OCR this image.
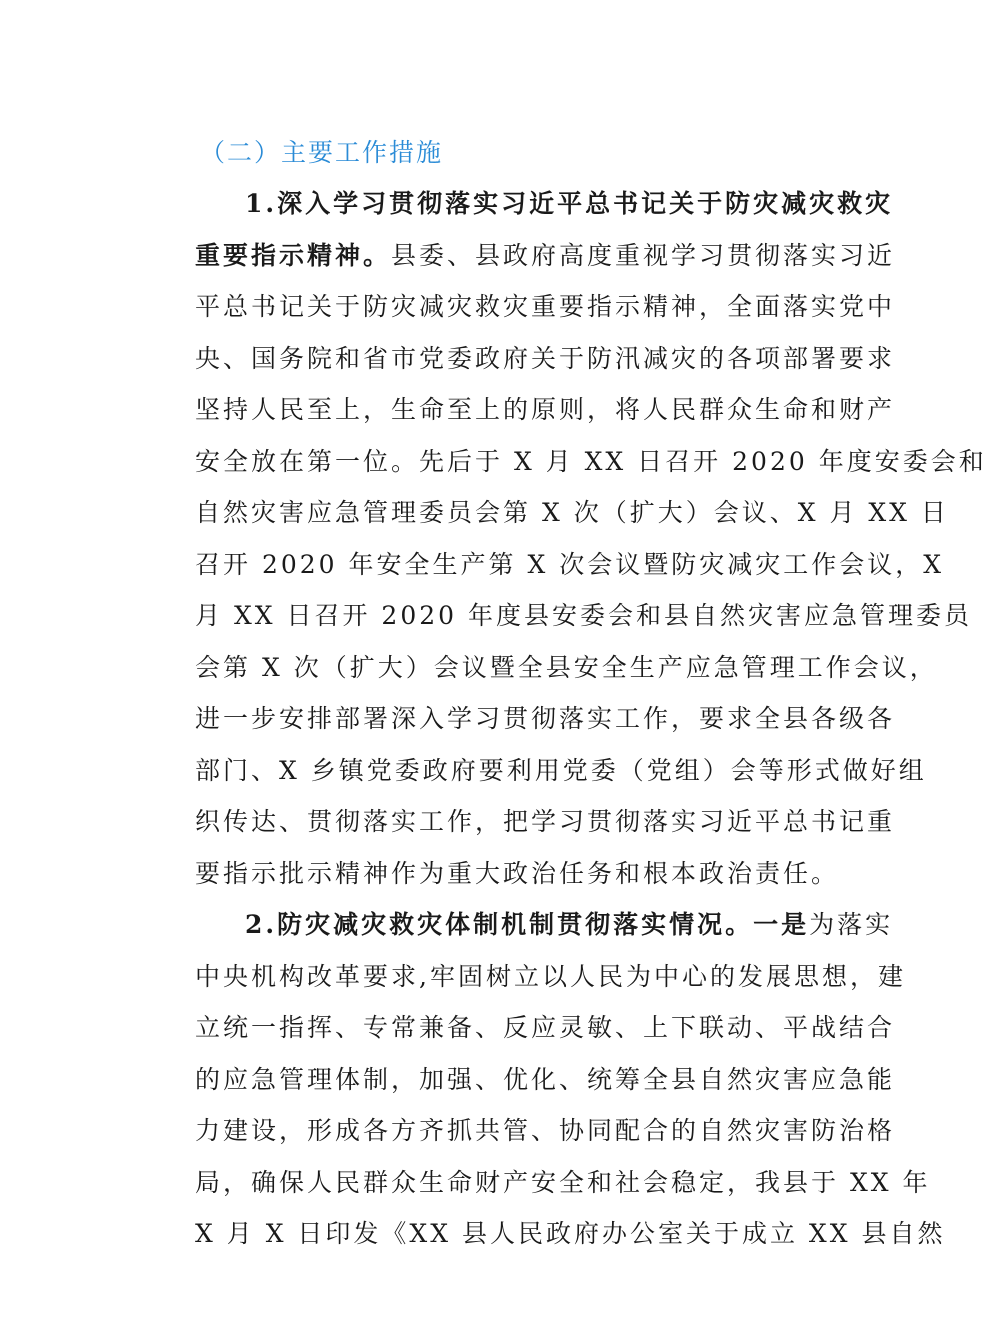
（二）主要工作措施

1.深入学习贯彻落实习近平总书记关于防灾减灾救灾
重要指示精神。县委、县政府高度重视学习贯彻落实习近
平总书记关于防灾减灾救灾重要指示精神，全面落实党中
央、国务院和省市党委政府关于防汛减灾的各项部署要求
坚持人民至上，生命至上的原则，将人民群众生命和财产
安全放在第一位。先后于 X 月 XX 日召开 2020 年度安委会和
自然灾害应急管理委员会第 X 次（扩大）会议、X 月 XX 日
召开 2020 年安全生产第 X 次会议暨防灾减灾工作会议，X
月 XX 日召开 2020 年度县安委会和县自然灾害应急管理委员
会第 X 次（扩大）会议暨全县安全生产应急管理工作会议，
进一步安排部署深入学习贯彻落实工作，要求全县各级各
部门、X 乡镇党委政府要利用党委（党组）会等形式做好组
织传达、贯彻落实工作，把学习贯彻落实习近平总书记重
要指示批示精神作为重大政治任务和根本政治责任。
2.防灾减灾救灾体制机制贯彻落实情况。一是为落实
中央机构改革要求,牢固树立以人民为中心的发展思想，建
立统一指挥、专常兼备、反应灵敏、上下联动、平战结合
的应急管理体制，加强、优化、统筹全县自然灾害应急能
力建设，形成各方齐抓共管、协同配合的自然灾害防治格
局，确保人民群众生命财产安全和社会稳定，我县于 XX 年
X 月 X 日印发《XX 县人民政府办公室关于成立 XX 县自然
